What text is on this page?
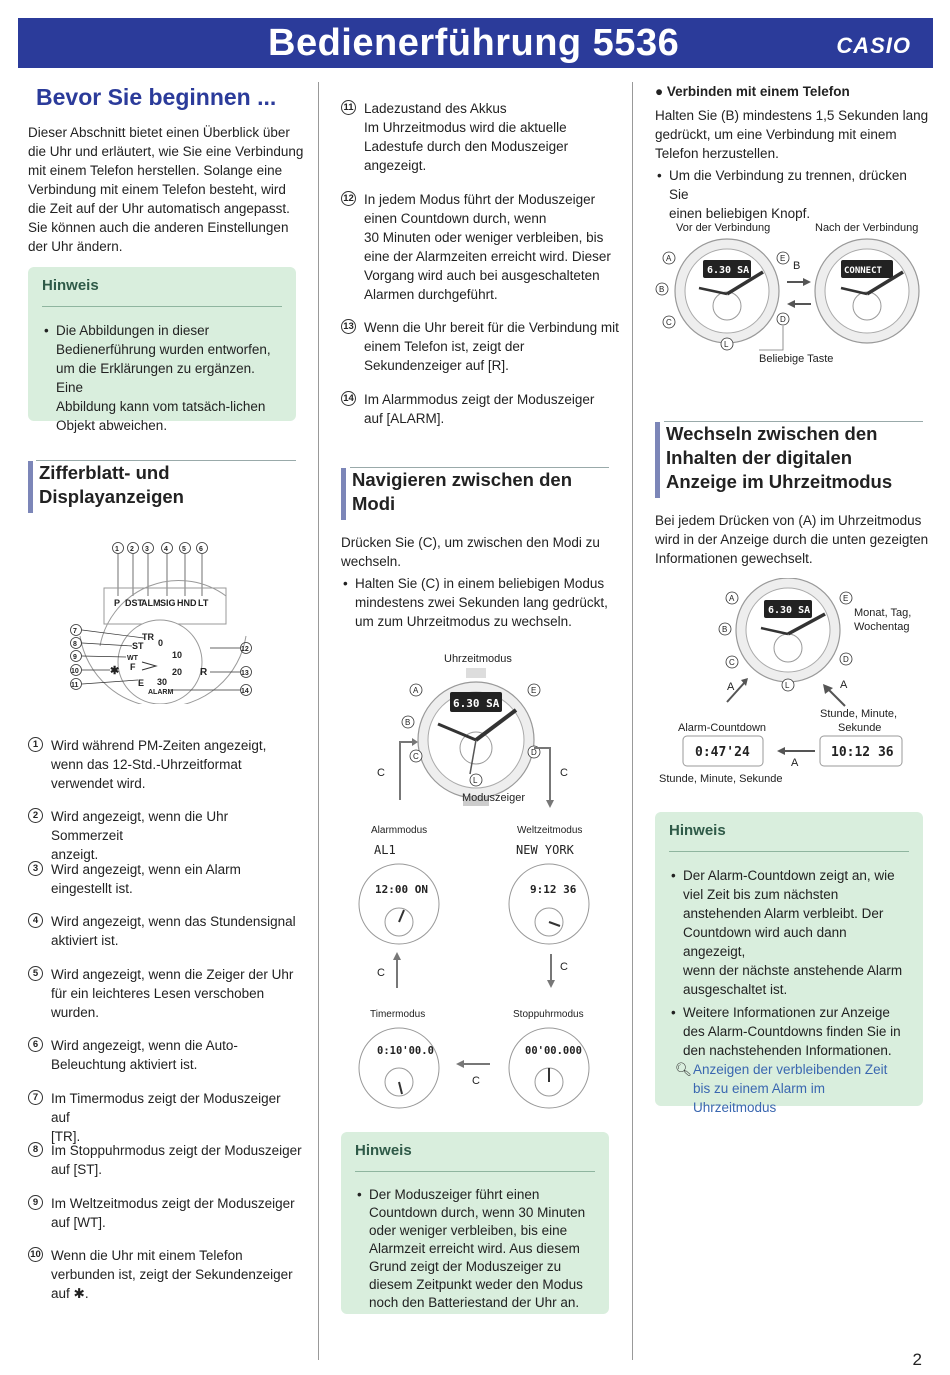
Bedienerführung 5536	CASIO
Bevor Sie beginnen ...
Dieser Abschnitt bietet einen Überblick über
die Uhr und erläutert, wie Sie eine Verbindung
mit einem Telefon herstellen. Solange eine
Verbindung mit einem Telefon besteht, wird
die Zeit auf der Uhr automatisch angepasst.
Sie können auch die anderen Einstellungen
der Uhr ändern.
Hinweis
• Die Abbildungen in dieser
Bedienerführung wurden entworfen,
um die Erklärungen zu ergänzen. Eine
Abbildung kann vom tatsäch-lichen
Objekt abweichen.
Zifferblatt- und
Displayanzeigen
1 2 3 4 5 6
P DST
ALM SIG HND LT
TR
ST
WT
F
E
ALARM
0
10
20
30
R
✱
7
8
9
10
11
12
13
14
1 Wird während PM-Zeiten angezeigt,
wenn das 12-Std.-Uhrzeitformat
verwendet wird.
2 Wird angezeigt, wenn die Uhr Sommerzeit
anzeigt.
3 Wird angezeigt, wenn ein Alarm
eingestellt ist.
4 Wird angezeigt, wenn das Stundensignal
aktiviert ist.
5 Wird angezeigt, wenn die Zeiger der Uhr
für ein leichteres Lesen verschoben
wurden.
6 Wird angezeigt, wenn die Auto-
Beleuchtung aktiviert ist.
7 Im Timermodus zeigt der Moduszeiger auf
[TR].
8 Im Stoppuhrmodus zeigt der Moduszeiger
auf [ST].
9 Im Weltzeitmodus zeigt der Moduszeiger
auf [WT].
10 Wenn die Uhr mit einem Telefon
verbunden ist, zeigt der Sekundenzeiger
auf ✱.
11 Ladezustand des Akkus
Im Uhrzeitmodus wird die aktuelle
Ladestufe durch den Moduszeiger
angezeigt.
12 In jedem Modus führt der Moduszeiger
einen Countdown durch, wenn
30 Minuten oder weniger verbleiben, bis
eine der Alarmzeiten erreicht wird. Dieser
Vorgang wird auch bei ausgeschalteten
Alarmen durchgeführt.
13 Wenn die Uhr bereit für die Verbindung mit
einem Telefon ist, zeigt der
Sekundenzeiger auf [R].
14 Im Alarmmodus zeigt der Moduszeiger
auf [ALARM].
Navigieren zwischen den
Modi
Drücken Sie (C), um zwischen den Modi zu
wechseln.
• Halten Sie (C) in einem beliebigen Modus
mindestens zwei Sekunden lang gedrückt,
um zum Uhrzeitmodus zu wechseln.
Uhrzeitmodus
6.30 SA
A
B
C	D
E
L
Moduszeiger
C	C
Alarmmodus
AL1
12:00 ON
Weltzeitmodus
NEW YORK
9:12 36
C	C
Timermodus
0:10'00.0
Stoppuhrmodus
00'00.000
C
Hinweis
• Der Moduszeiger führt einen
Countdown durch, wenn 30 Minuten
oder weniger verbleiben, bis eine
Alarmzeit erreicht wird. Aus diesem
Grund zeigt der Moduszeiger zu
diesem Zeitpunkt weder den Modus
noch den Batteriestand der Uhr an.
● Verbinden mit einem Telefon
Halten Sie (B) mindestens 1,5 Sekunden lang
gedrückt, um eine Verbindung mit einem
Telefon herzustellen.
• Um die Verbindung zu trennen, drücken Sie
einen beliebigen Knopf.
Vor der Verbindung	Nach der Verbindung
6.30 SA	CONNECT
A
B
C
L
E
D
B
Beliebige Taste
Wechseln zwischen den
Inhalten der digitalen
Anzeige im Uhrzeitmodus
Bei jedem Drücken von (A) im Uhrzeitmodus
wird in der Anzeige durch die unten gezeigten
Informationen gewechselt.
6.30 SA
A
B
C
L
E
D
Monat, Tag,
Wochentag
A	A
Stunde, Minute,
Sekunde
Alarm-Countdown
0:47'24	10:12 36
A
Stunde, Minute, Sekunde
Hinweis
• Der Alarm-Countdown zeigt an, wie
viel Zeit bis zum nächsten
anstehenden Alarm verbleibt. Der
Countdown wird auch dann angezeigt,
wenn der nächste anstehende Alarm
ausgeschaltet ist.
• Weitere Informationen zur Anzeige
des Alarm-Countdowns finden Sie in
den nachstehenden Informationen.
🔍︎ Anzeigen der verbleibenden Zeit
bis zu einem Alarm im
Uhrzeitmodus
2
